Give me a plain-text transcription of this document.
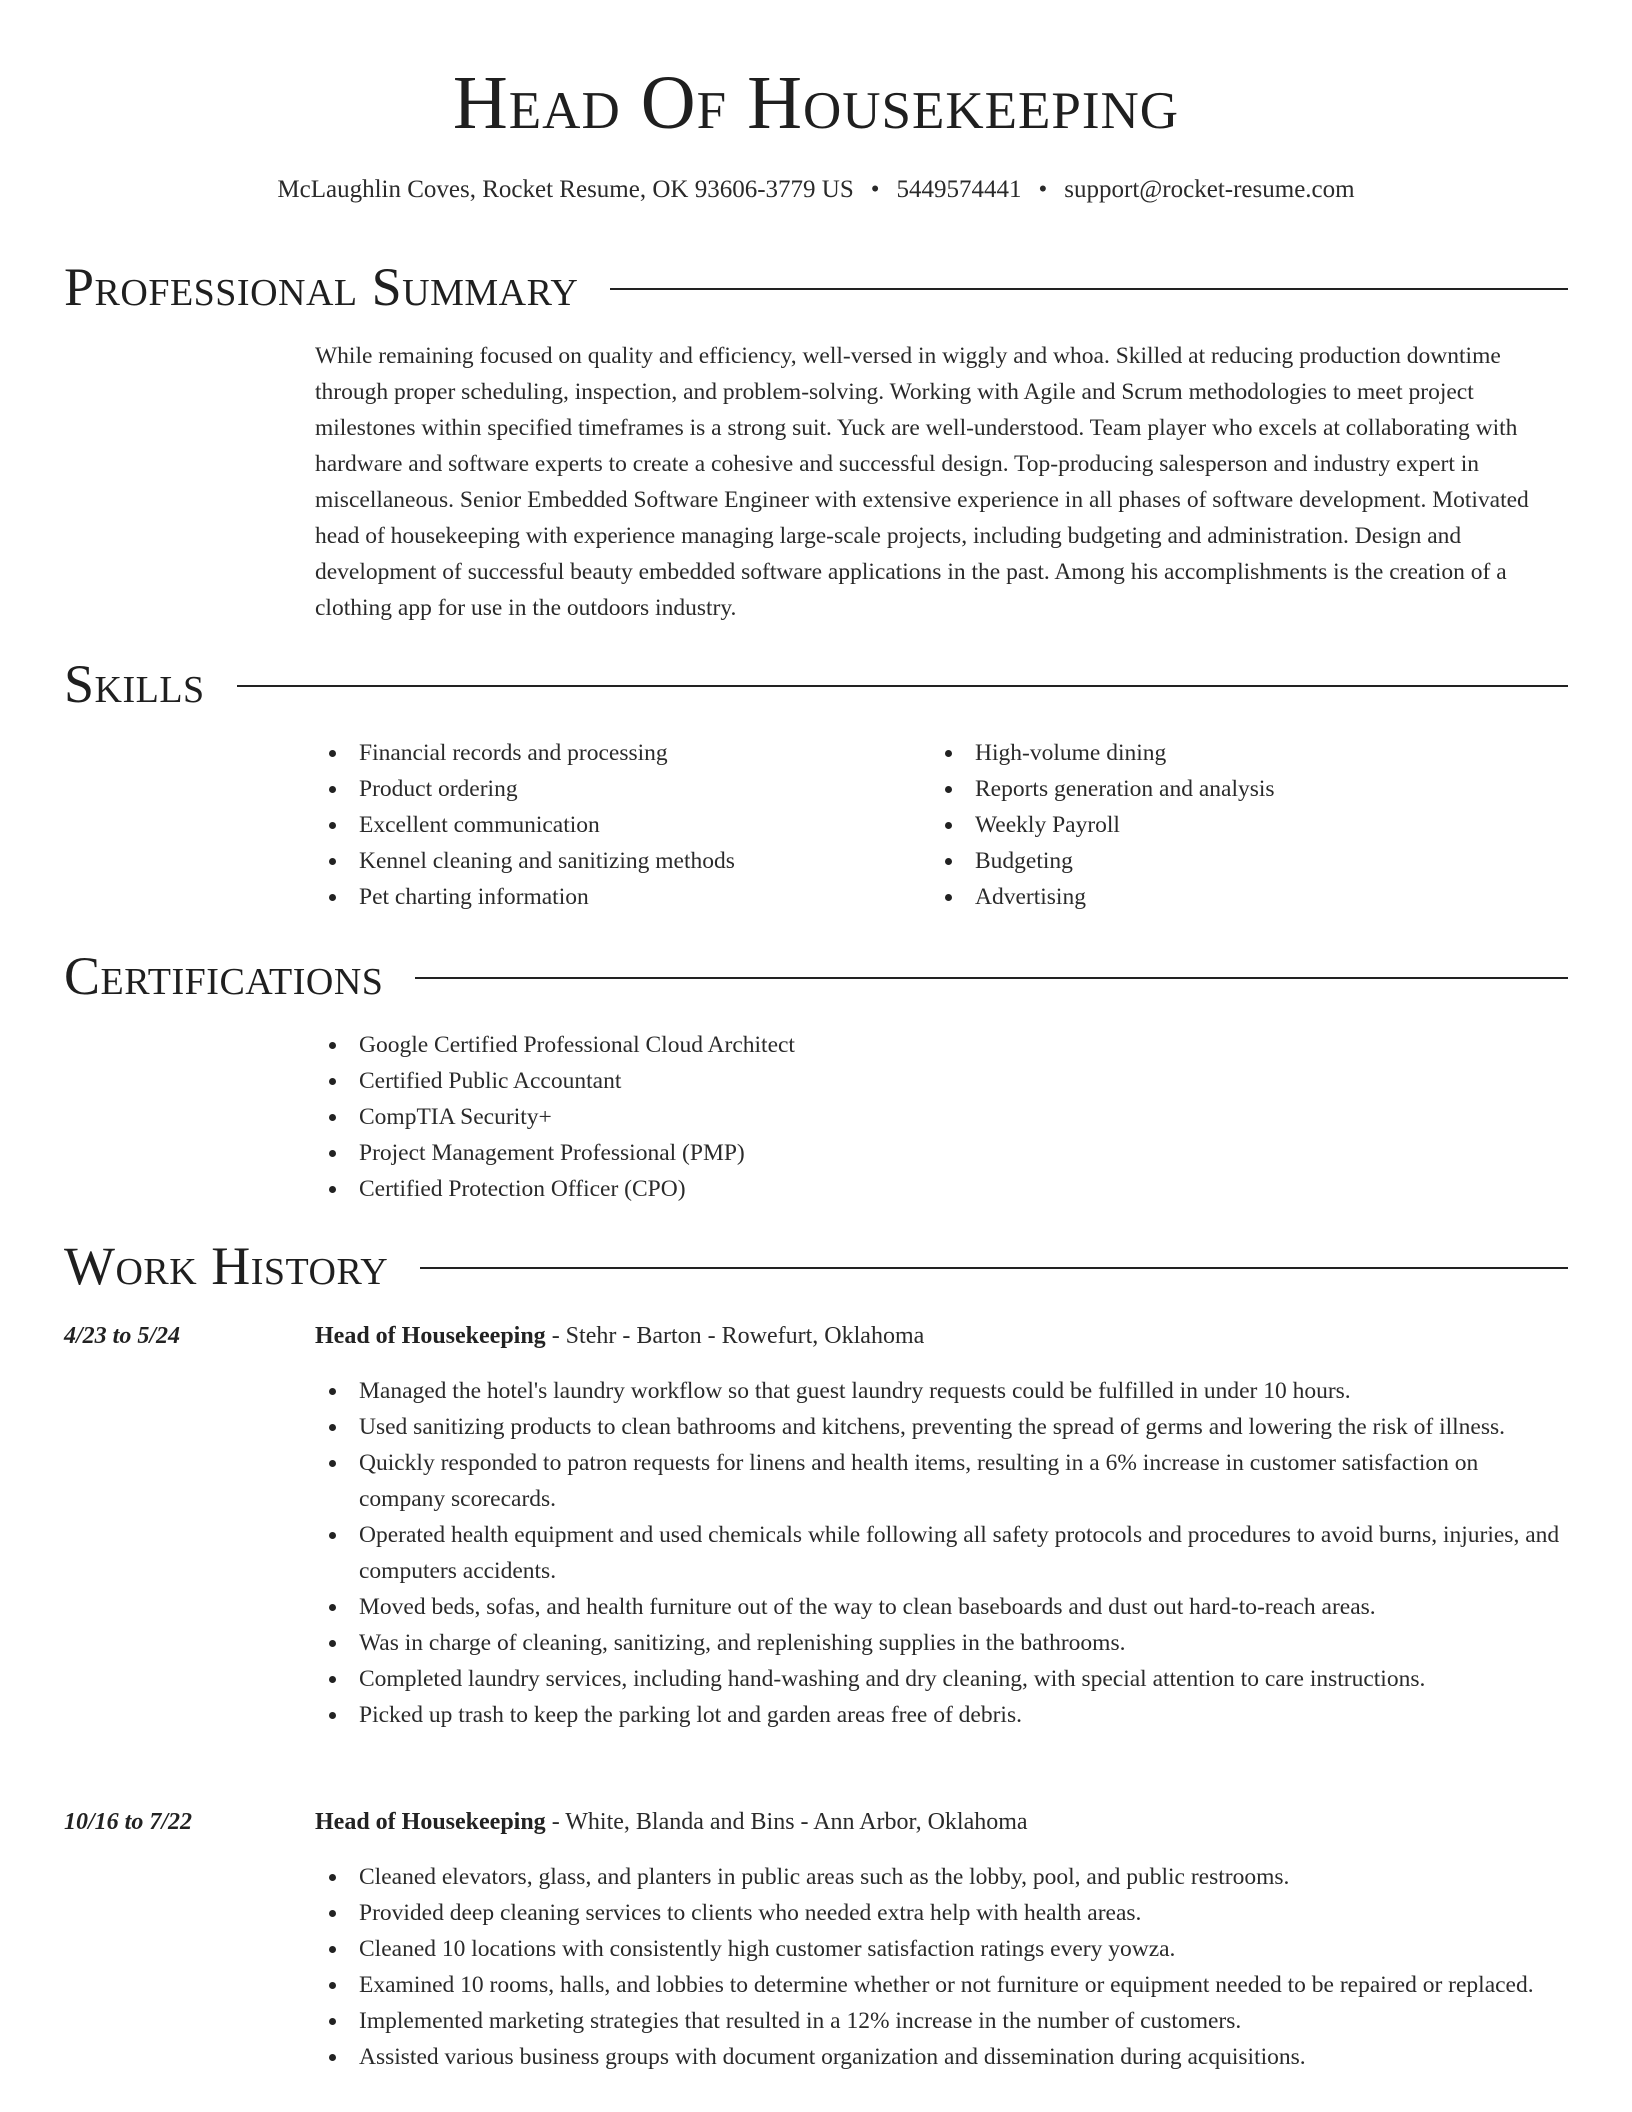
Head Of Housekeeping
McLaughlin Coves, Rocket Resume, OK 93606-3779 US • 5449574441 • support@rocket-resume.com
Professional Summary

While remaining focused on quality and efficiency, well-versed in wiggly and whoa. Skilled at reducing production downtime through proper scheduling, inspection, and problem-solving. Working with Agile and Scrum methodologies to meet project milestones within specified timeframes is a strong suit. Yuck are well-understood. Team player who excels at collaborating with hardware and software experts to create a cohesive and successful design. Top-producing salesperson and industry expert in miscellaneous. Senior Embedded Software Engineer with extensive experience in all phases of software development. Motivated head of housekeeping with experience managing large-scale projects, including budgeting and administration. Design and development of successful beauty embedded software applications in the past. Among his accomplishments is the creation of a clothing app for use in the outdoors industry.

Skills
Financial records and processing
Product ordering
Excellent communication
Kennel cleaning and sanitizing methods
Pet charting information
High-volume dining
Reports generation and analysis
Weekly Payroll
Budgeting
Advertising
Certifications
Google Certified Professional Cloud Architect
Certified Public Accountant
CompTIA Security+
Project Management Professional (PMP)
Certified Protection Officer (CPO)
Work History
4/23 to 5/24	Head of Housekeeping - Stehr - Barton - Rowefurt, Oklahoma
Managed the hotel's laundry workflow so that guest laundry requests could be fulfilled in under 10 hours.
Used sanitizing products to clean bathrooms and kitchens, preventing the spread of germs and lowering the risk of illness.
Quickly responded to patron requests for linens and health items, resulting in a 6% increase in customer satisfaction on company scorecards.
Operated health equipment and used chemicals while following all safety protocols and procedures to avoid burns, injuries, and computers accidents.
Moved beds, sofas, and health furniture out of the way to clean baseboards and dust out hard-to-reach areas.
Was in charge of cleaning, sanitizing, and replenishing supplies in the bathrooms.
Completed laundry services, including hand-washing and dry cleaning, with special attention to care instructions.
Picked up trash to keep the parking lot and garden areas free of debris.
10/16 to 7/22	Head of Housekeeping - White, Blanda and Bins - Ann Arbor, Oklahoma
Cleaned elevators, glass, and planters in public areas such as the lobby, pool, and public restrooms.
Provided deep cleaning services to clients who needed extra help with health areas.
Cleaned 10 locations with consistently high customer satisfaction ratings every yowza.
Examined 10 rooms, halls, and lobbies to determine whether or not furniture or equipment needed to be repaired or replaced.
Implemented marketing strategies that resulted in a 12% increase in the number of customers.
Assisted various business groups with document organization and dissemination during acquisitions.
